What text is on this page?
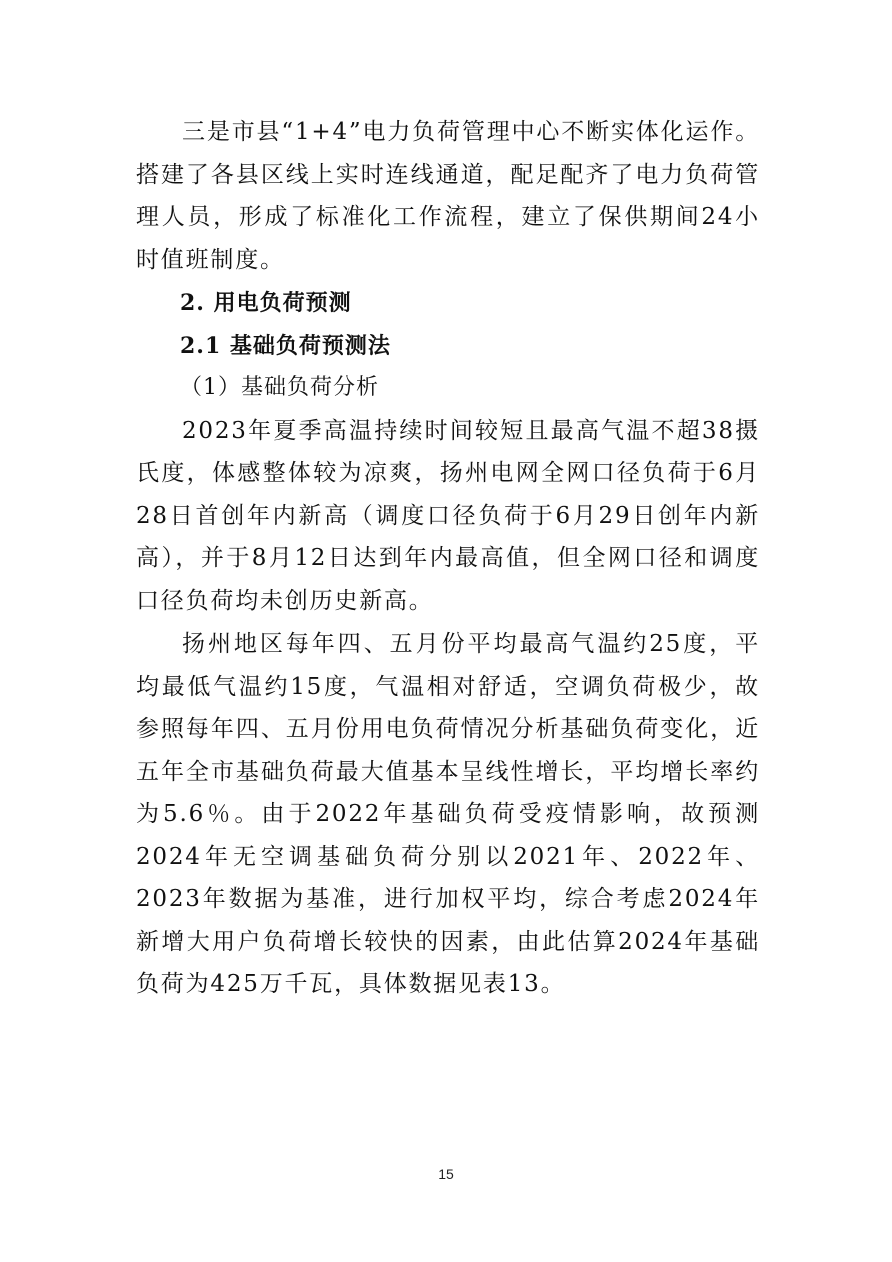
三是市县“1+4”电力负荷管理中心不断实体化运作。搭建了各县区线上实时连线通道，配足配齐了电力负荷管理人员，形成了标准化工作流程，建立了保供期间24小时值班制度。

2. 用电负荷预测

2.1 基础负荷预测法

（1）基础负荷分析

2023年夏季高温持续时间较短且最高气温不超38摄氏度，体感整体较为凉爽，扬州电网全网口径负荷于6月28日首创年内新高（调度口径负荷于6月29日创年内新高），并于8月12日达到年内最高值，但全网口径和调度口径负荷均未创历史新高。

扬州地区每年四、五月份平均最高气温约25度，平均最低气温约15度，气温相对舒适，空调负荷极少，故参照每年四、五月份用电负荷情况分析基础负荷变化，近五年全市基础负荷最大值基本呈线性增长，平均增长率约为5.6％。由于2022年基础负荷受疫情影响，故预测2024年无空调基础负荷分别以2021年、2022年、2023年数据为基准，进行加权平均，综合考虑2024年新增大用户负荷增长较快的因素，由此估算2024年基础负荷为425万千瓦，具体数据见表13。

15
